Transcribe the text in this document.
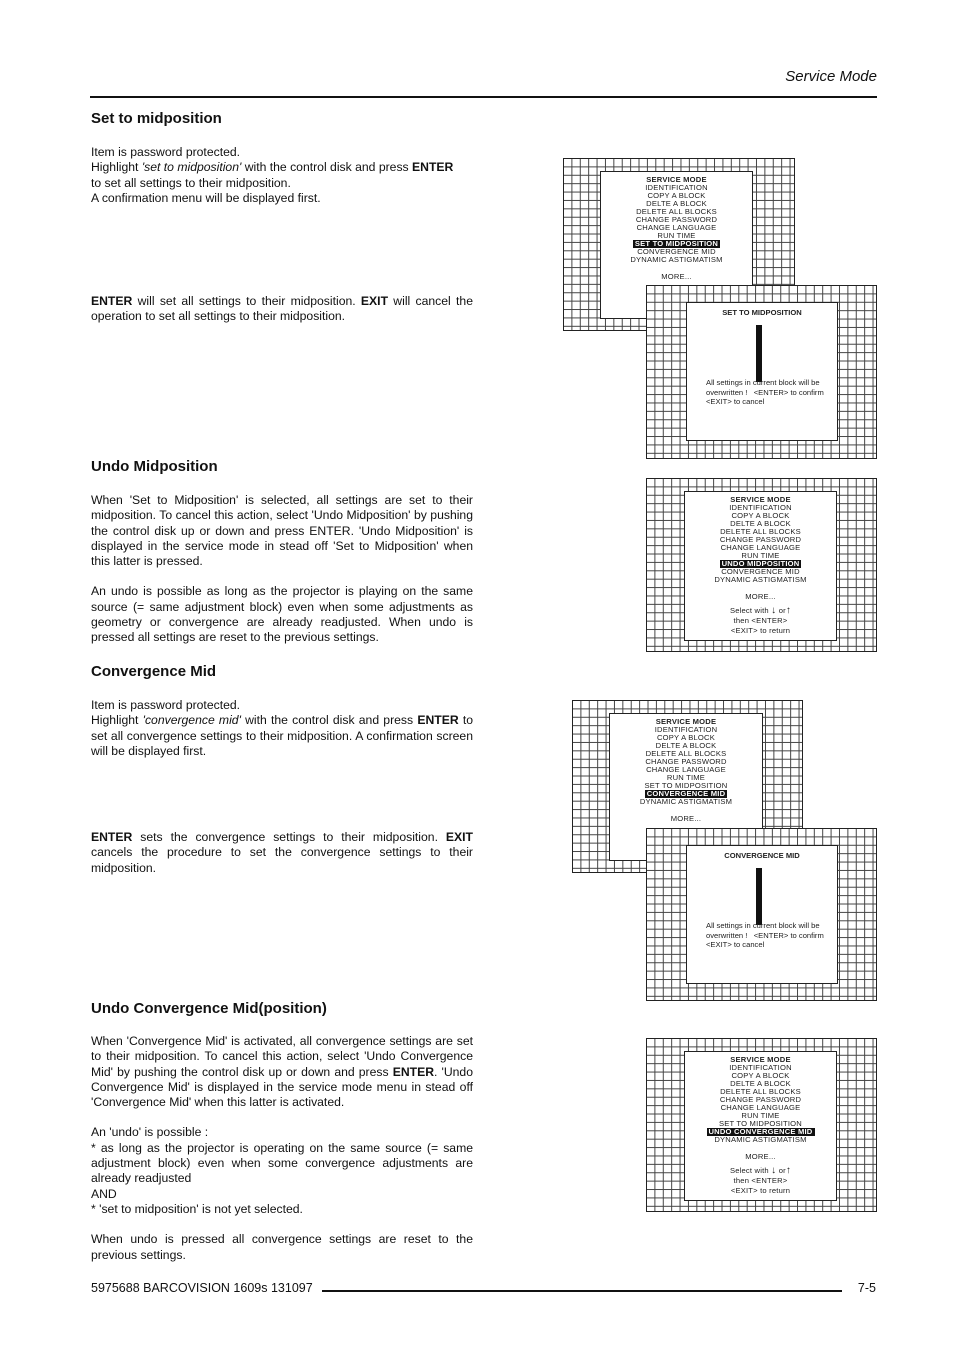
Service Mode
Set to midposition

Item is password protected.

Highlight 'set to midposition' with the control disk and press ENTER

to set all settings to their midposition.

A confirmation menu will be displayed first.

ENTER will set all settings to their midposition. EXIT will cancel the operation to set all settings to their midposition.

Undo Midposition

When 'Set to Midposition' is selected, all settings are set to their midposition. To cancel this action, select 'Undo Midposition' by pushing the control disk up or down and press ENTER. 'Undo Midposition' is displayed in the service mode in stead off 'Set to Midposition' when this latter is pressed.

An undo is possible as long as the projector is playing on the same source (= same adjustment block) even when some adjustments as geometry or convergence are already readjusted. When undo is pressed all settings are reset to the previous settings.

Convergence Mid

Item is password protected.
Highlight 'convergence mid' with the control disk and press ENTER to set all convergence settings to their midposition. A confirmation screen will be displayed first.

ENTER sets the convergence settings to their midposition. EXIT cancels the procedure to set the convergence settings to their midposition.

Undo Convergence Mid(position)

When 'Convergence Mid' is activated, all convergence settings are set to their midposition. To cancel this action, select 'Undo Convergence Mid' by pushing the control disk up or down and press ENTER. 'Undo Convergence Mid' is displayed in the service mode menu in stead off 'Convergence Mid' when this latter is activated.

An 'undo' is possible :

* as long as the projector is operating on the same source (= same adjustment block) even when some convergence adjustments are already readjusted

AND

* 'set to midposition' is not yet selected.

When undo is pressed all convergence settings are reset to the previous settings.

SERVICE MODE
IDENTIFICATION
COPY A BLOCK
DELTE A BLOCK
DELETE ALL BLOCKS
CHANGE PASSWORD
CHANGE LANGUAGE
RUN TIME
SET TO MIDPOSITION
CONVERGENCE MID
DYNAMIC ASTIGMATISM
MORE...
SET TO MIDPOSITION
All settings in current block will be overwritten ! <ENTER> to confirm <EXIT> to cancel
SERVICE MODE
IDENTIFICATION
COPY A BLOCK
DELTE A BLOCK
DELETE ALL BLOCKS
CHANGE PASSWORD
CHANGE LANGUAGE
RUN TIME
UNDO MIDPOSITION
CONVERGENCE MID
DYNAMIC ASTIGMATISM
MORE...
Select with ↓ or↑
then <ENTER>
<EXIT> to return
SERVICE MODE
IDENTIFICATION
COPY A BLOCK
DELTE A BLOCK
DELETE ALL BLOCKS
CHANGE PASSWORD
CHANGE LANGUAGE
RUN TIME
SET TO MIDPOSITION
CONVERGENCE MID
DYNAMIC ASTIGMATISM
MORE...
CONVERGENCE MID
All settings in current block will be overwritten ! <ENTER> to confirm <EXIT> to cancel
SERVICE MODE
IDENTIFICATION
COPY A BLOCK
DELTE A BLOCK
DELETE ALL BLOCKS
CHANGE PASSWORD
CHANGE LANGUAGE
RUN TIME
SET TO MIDPOSITION
UNDO CONVERGENCE MID
DYNAMIC ASTIGMATISM
MORE...
Select with ↓ or↑
then <ENTER>
<EXIT> to return
5975688 BARCOVISION 1609s 131097	7-5
